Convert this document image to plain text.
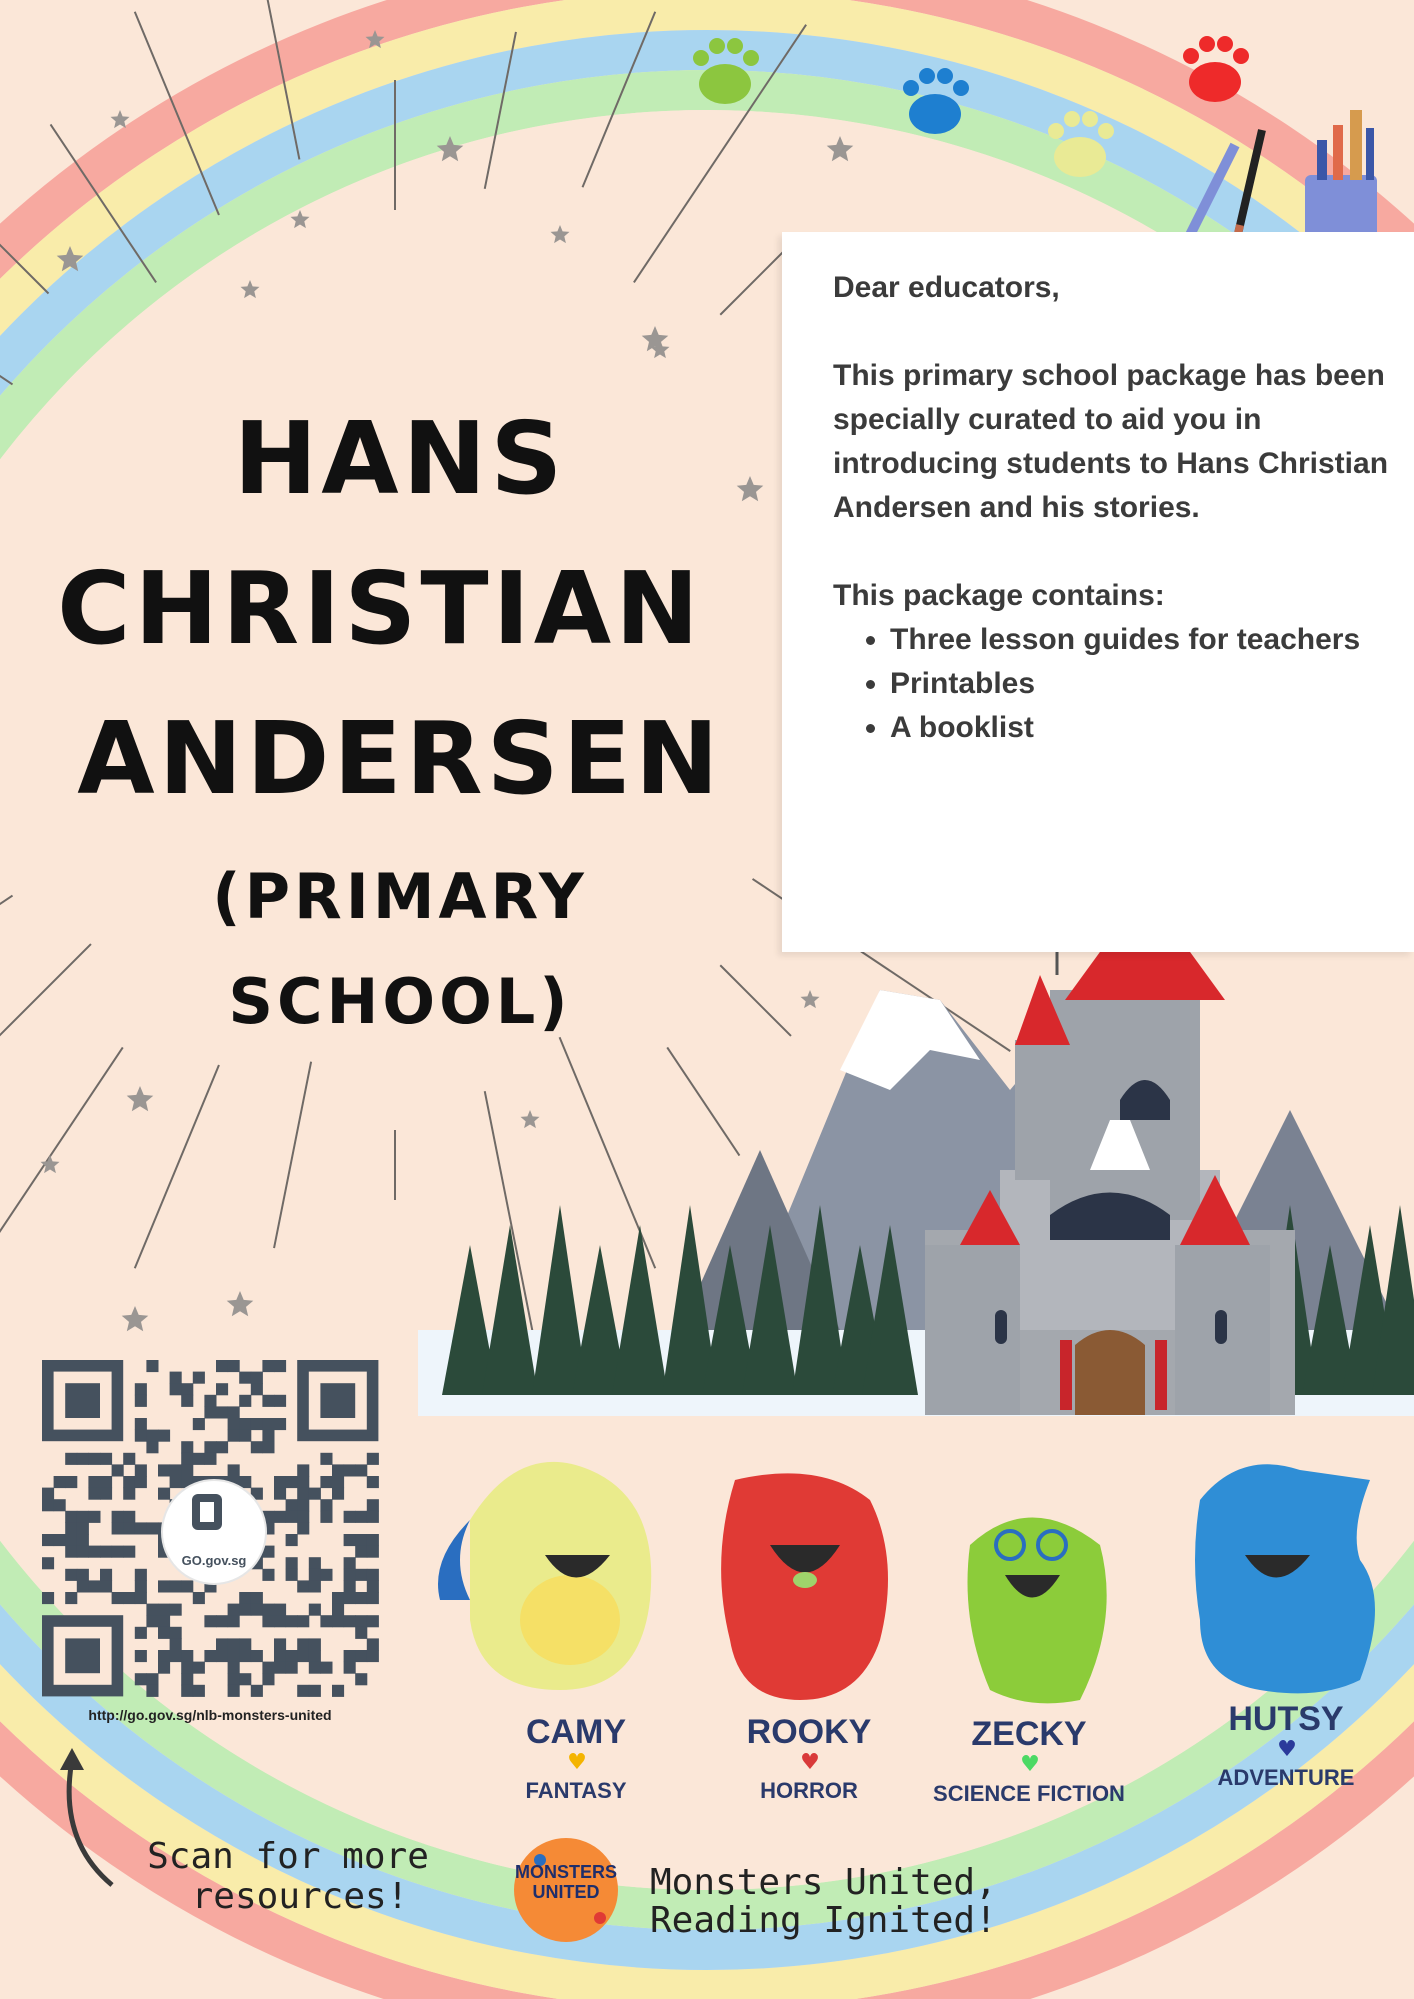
HANS
CHRISTIAN
ANDERSEN
(PRIMARY
SCHOOL)

Dear educators,

This primary school package has been specially curated to aid you in introducing students to Hans Christian Andersen and his stories.

This package contains:
• Three lesson guides for teachers
• Printables
• A booklist
GO.gov.sg
http://go.gov.sg/nlb-monsters-united
Scan for more
resources!
CAMY
♥
FANTASY
ROOKY
♥
HORROR
ZECKY
♥
SCIENCE FICTION
HUTSY
♥
ADVENTURE
MONSTERS
UNITED	Monsters United,
Reading Ignited!
